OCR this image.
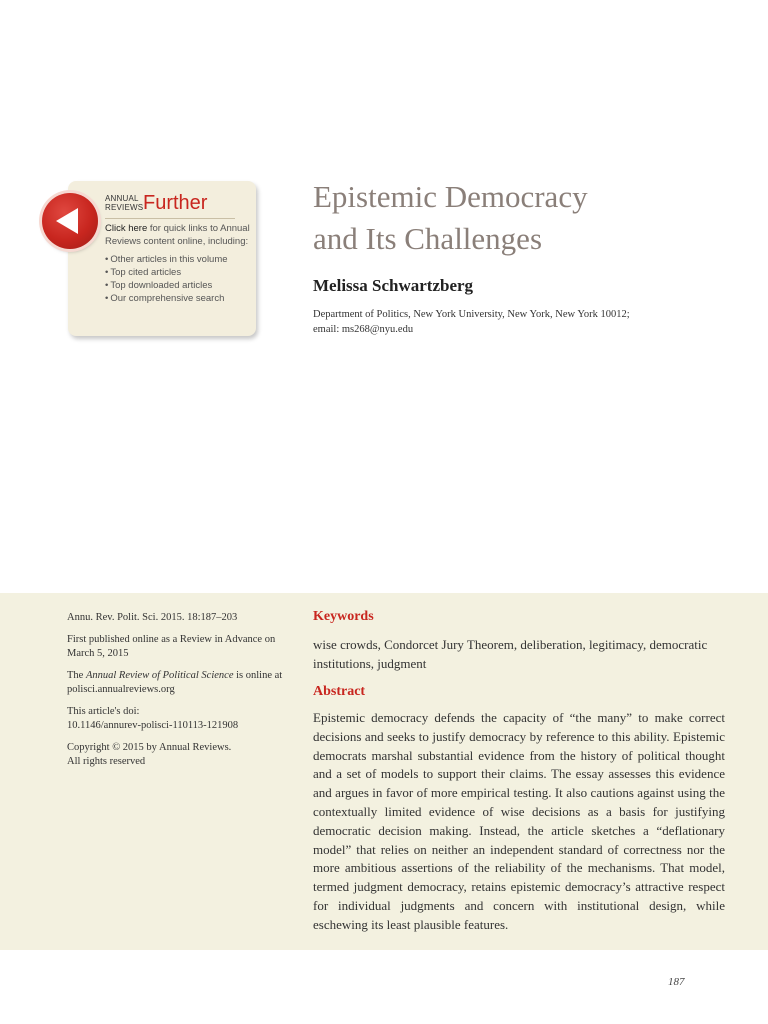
ANNUAL
REVIEWS Further
Click here for quick links to Annual Reviews content online, including:
• Other articles in this volume
• Top cited articles
• Top downloaded articles
• Our comprehensive search
Epistemic Democracy
and Its Challenges
Melissa Schwartzberg
Department of Politics, New York University, New York, New York 10012;
email: ms268@nyu.edu

Annu. Rev. Polit. Sci. 2015. 18:187–203

First published online as a Review in Advance on March 5, 2015

The Annual Review of Political Science is online at polisci.annualreviews.org

This article's doi:
10.1146/annurev-polisci-110113-121908

Copyright © 2015 by Annual Reviews.
All rights reserved

Keywords
wise crowds, Condorcet Jury Theorem, deliberation, legitimacy, democratic institutions, judgment
Abstract
Epistemic democracy defends the capacity of “the many” to make correct decisions and seeks to justify democracy by reference to this ability. Epistemic democrats marshal substantial evidence from the history of political thought and a set of models to support their claims. The essay assesses this evidence and argues in favor of more empirical testing. It also cautions against using the contextually limited evidence of wise decisions as a basis for justifying democratic decision making. Instead, the article sketches a “deflationary model” that relies on neither an independent standard of correctness nor the more ambitious assertions of the reliability of the mechanisms. That model, termed judgment democracy, retains epistemic democracy’s attractive respect for individual judgments and concern with institutional design, while eschewing its least plausible features.
187
